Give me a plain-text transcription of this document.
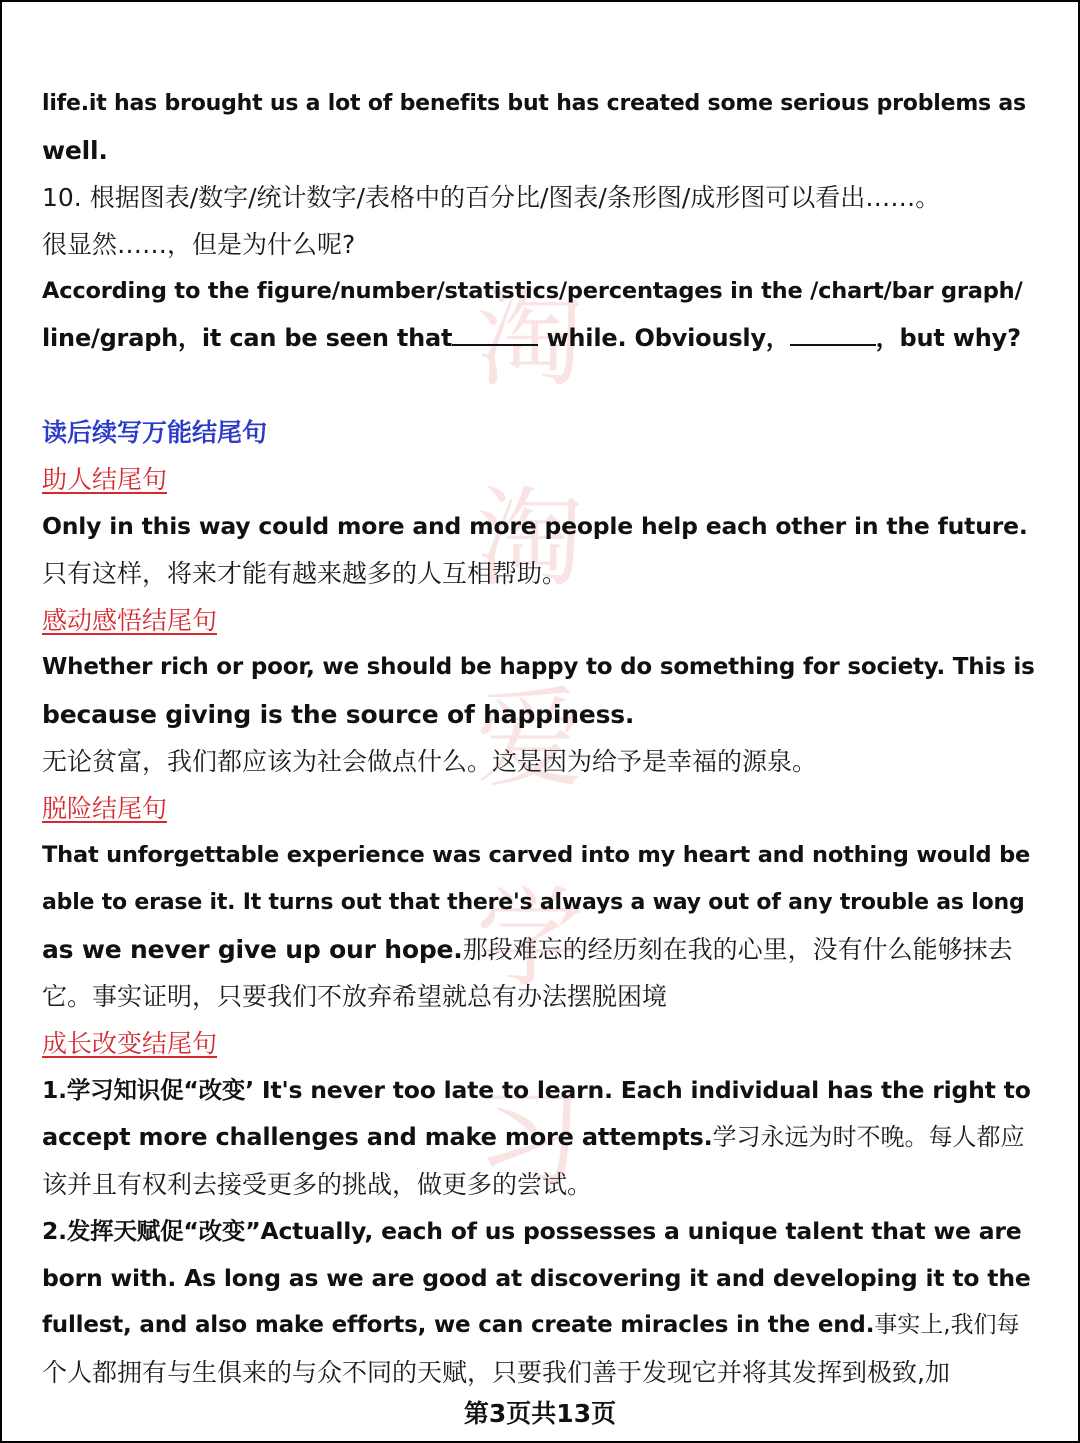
淘
淘
爱
学
习
life.it has brought us a lot of benefits but has created some serious problems as
well.
10. 根据图表/数字/统计数字/表格中的百分比/图表/条形图/成形图可以看出……。
很显然……，但是为什么呢?
According to the figure/number/statistics/percentages in the /chart/bar graph/
line/graph，it can be seen that	while. Obviously，	，but why?
读后续写万能结尾句
助人结尾句
Only in this way could more and more people help each other in the future.
只有这样，将来才能有越来越多的人互相帮助。
感动感悟结尾句
Whether rich or poor, we should be happy to do something for society. This is
because giving is the source of happiness.
无论贫富，我们都应该为社会做点什么。这是因为给予是幸福的源泉。
脱险结尾句
That unforgettable experience was carved into my heart and nothing would be
able to erase it. It turns out that there's always a way out of any trouble as long
as we never give up our hope.那段难忘的经历刻在我的心里，没有什么能够抹去
它。事实证明，只要我们不放弃希望就总有办法摆脱困境
成长改变结尾句
1.学习知识促“改变’ It's never too late to learn. Each individual has the right to
accept more challenges and make more attempts.学习永远为时不晚。每人都应
该并且有权利去接受更多的挑战，做更多的尝试。
2.发挥天赋促“改变”Actually, each of us possesses a unique talent that we are
born with. As long as we are good at discovering it and developing it to the
fullest, and also make efforts, we can create miracles in the end.事实上,我们每
个人都拥有与生俱来的与众不同的天赋，只要我们善于发现它并将其发挥到极致,加
第3页共13页
